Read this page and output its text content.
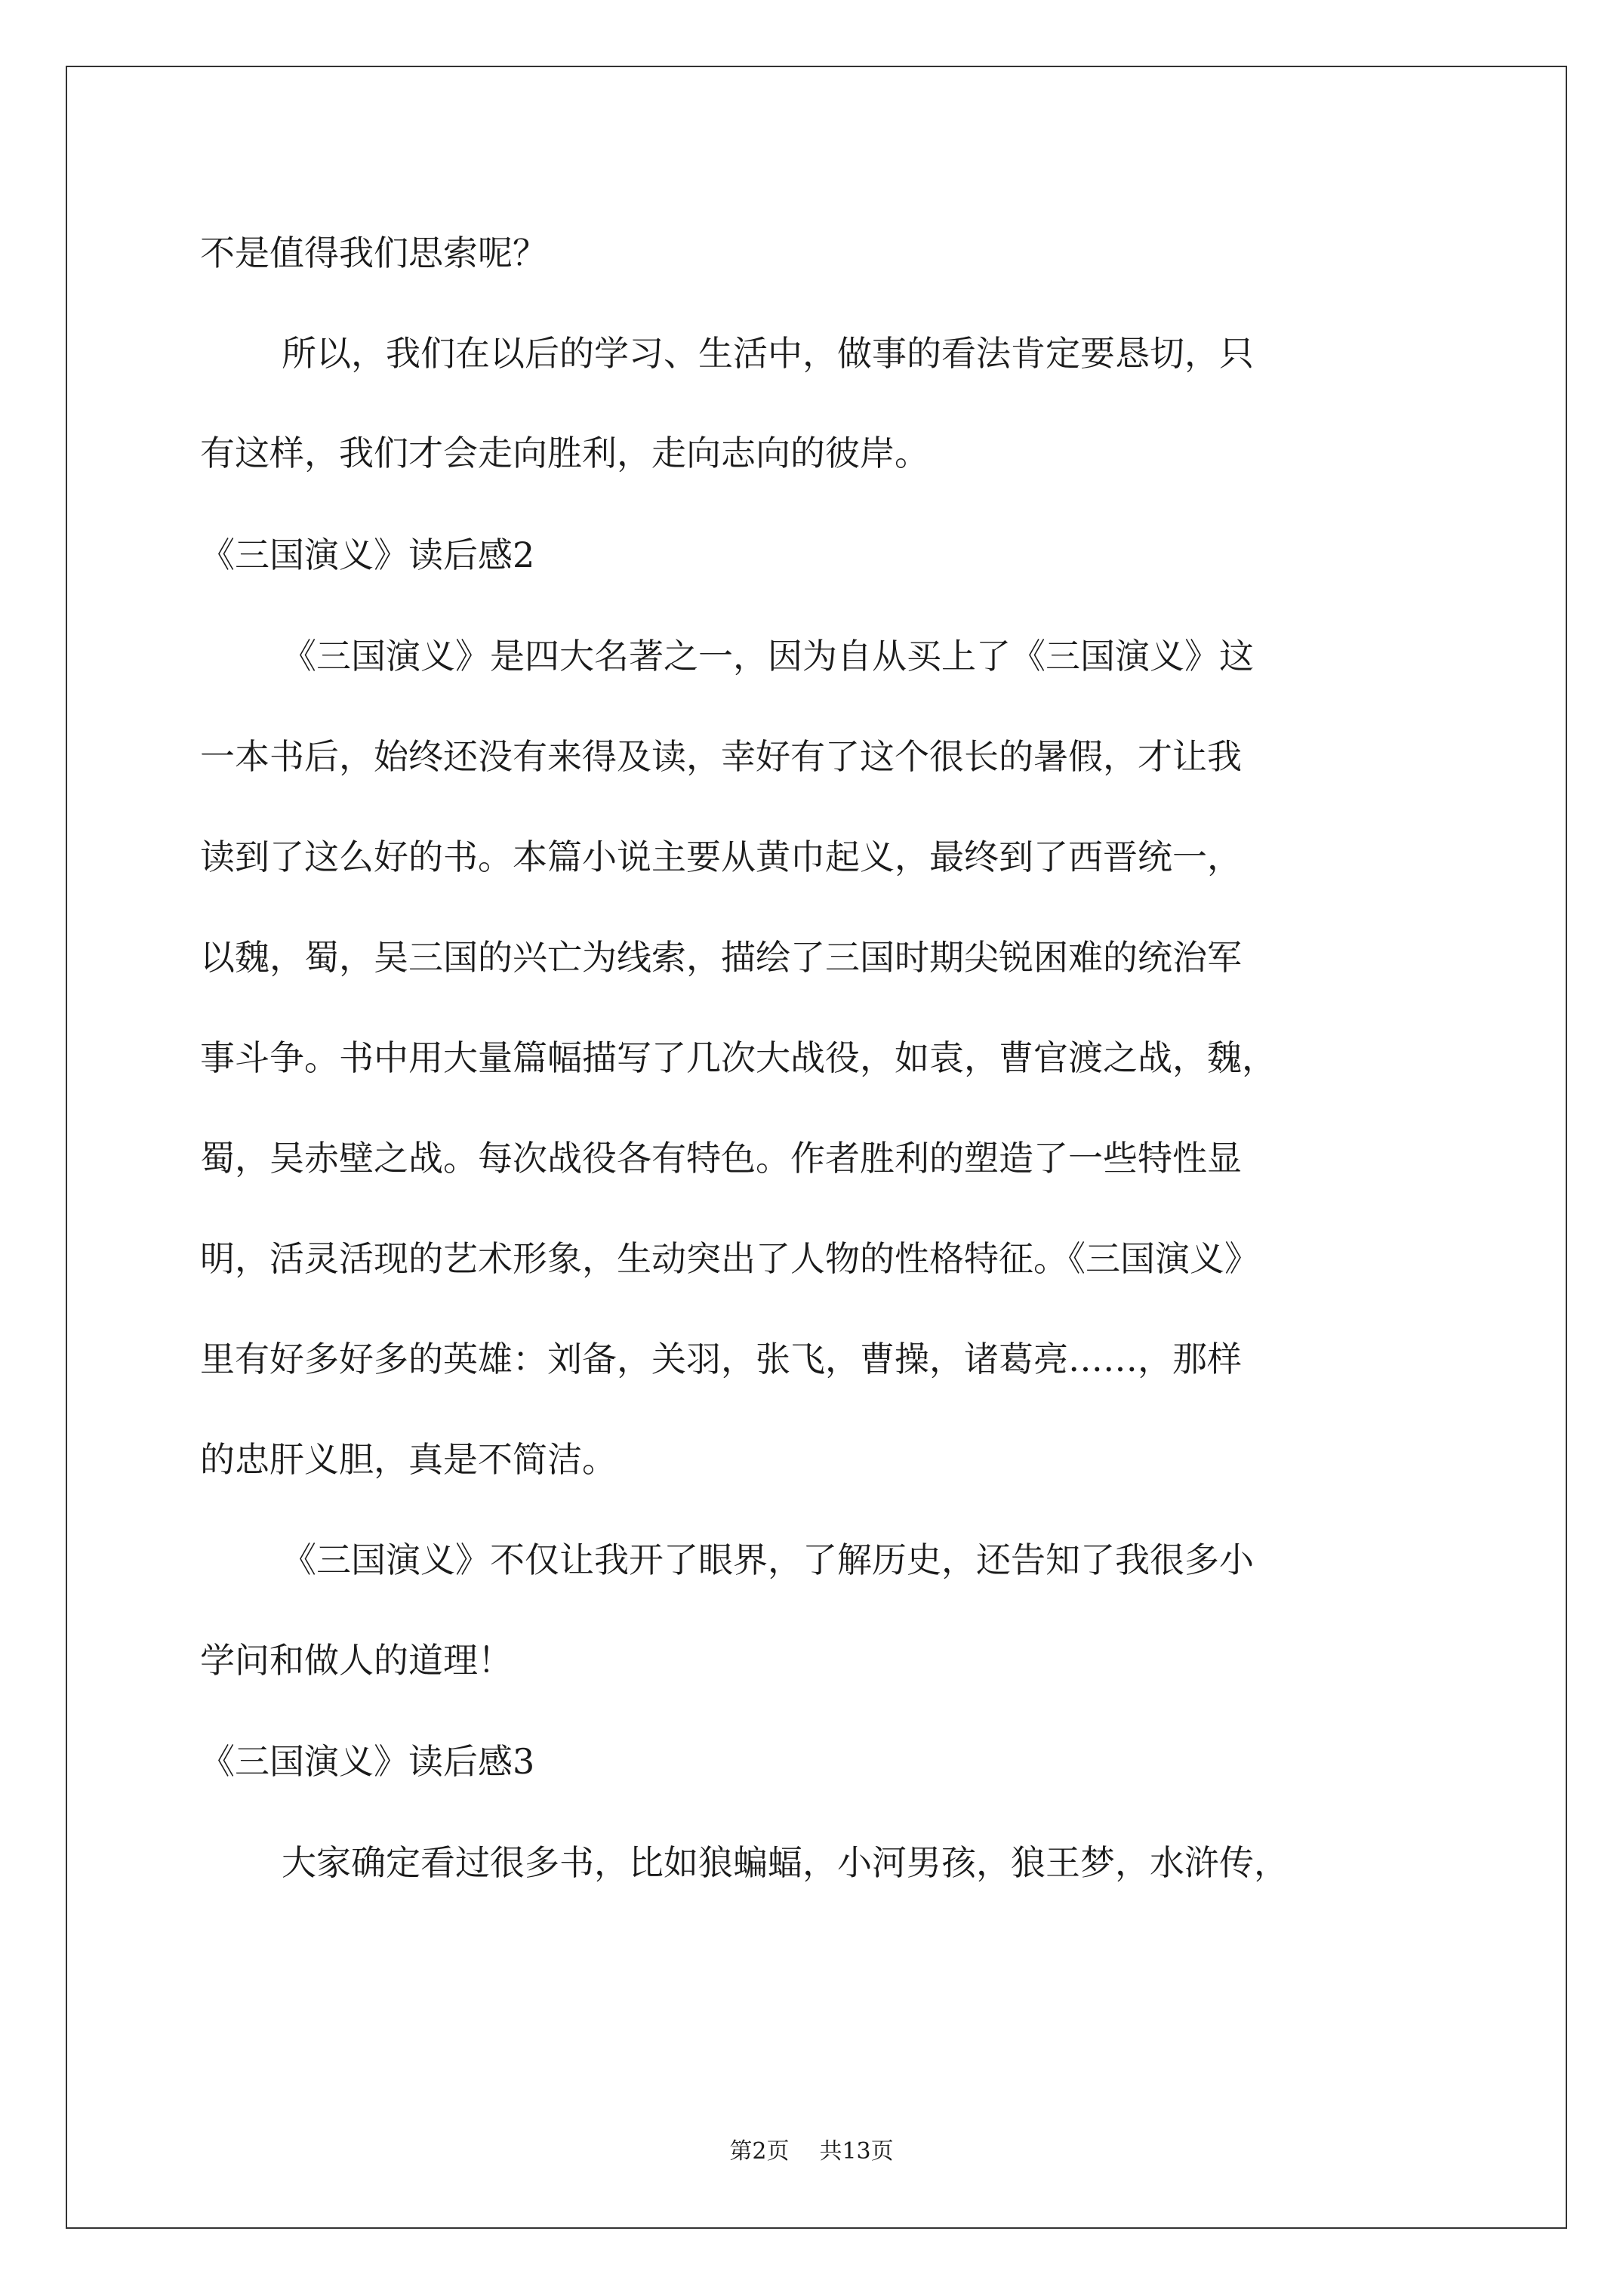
不是值得我们思索呢？
所以，我们在以后的学习、生活中，做事的看法肯定要恳切，只
有这样，我们才会走向胜利，走向志向的彼岸。
《三国演义》读后感2
《三国演义》是四大名著之一，因为自从买上了《三国演义》这
一本书后，始终还没有来得及读，幸好有了这个很长的暑假，才让我
读到了这么好的书。本篇小说主要从黄巾起义，最终到了西晋统一，
以魏，蜀，吴三国的兴亡为线索，描绘了三国时期尖锐困难的统治军
事斗争。书中用大量篇幅描写了几次大战役，如袁，曹官渡之战，魏，
蜀，吴赤壁之战。每次战役各有特色。作者胜利的塑造了一些特性显
明，活灵活现的艺术形象，生动突出了人物的性格特征。《三国演义》
里有好多好多的英雄：刘备，关羽，张飞，曹操，诸葛亮……，那样
的忠肝义胆，真是不简洁。
《三国演义》不仅让我开了眼界，了解历史，还告知了我很多小
学问和做人的道理！
《三国演义》读后感3
大家确定看过很多书，比如狼蝙蝠，小河男孩，狼王梦，水浒传，
第2页 共13页
